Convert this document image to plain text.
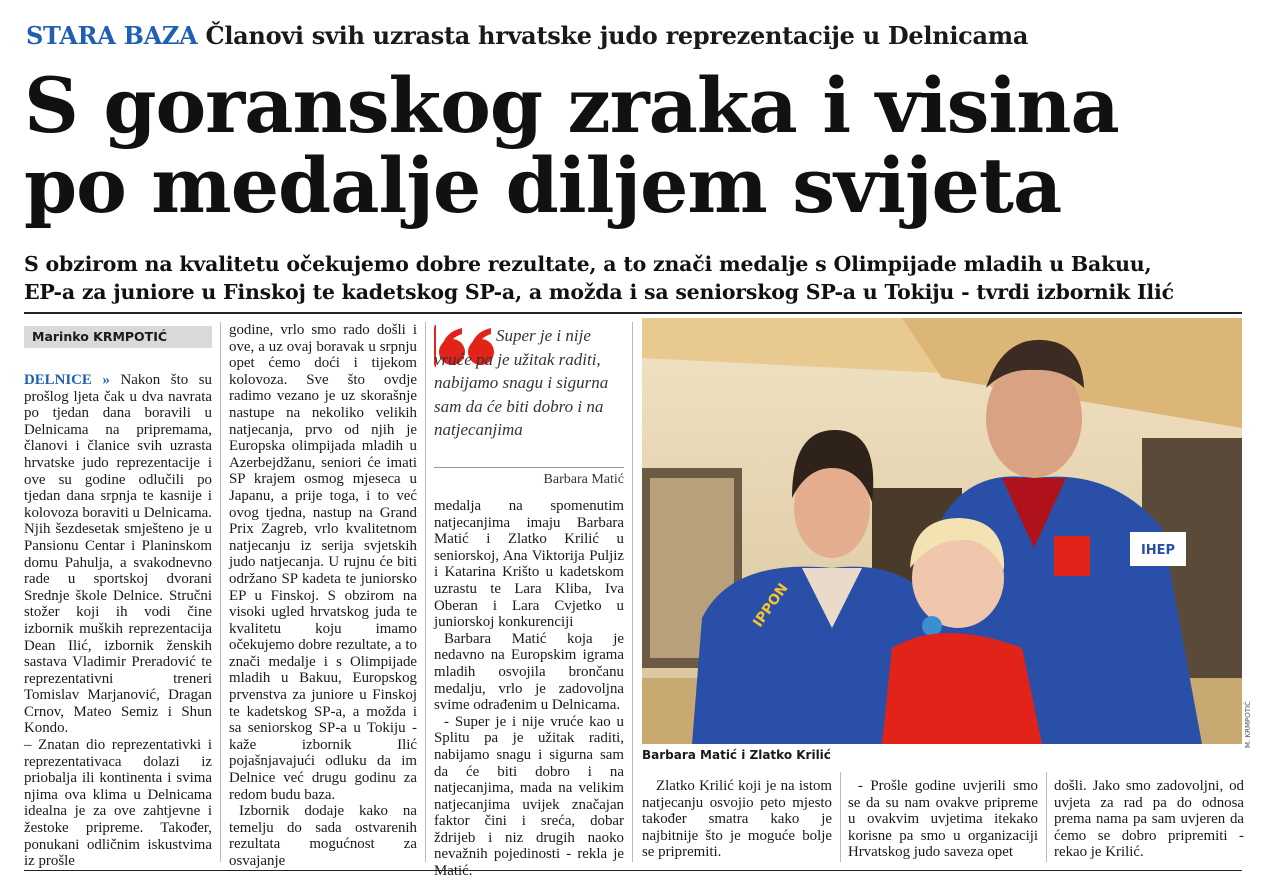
STARA BAZA Članovi svih uzrasta hrvatske judo reprezentacije u Delnicama
S goranskog zraka i visina
po medalje diljem svijeta
S obzirom na kvalitetu očekujemo dobre rezultate, a to znači medalje s Olimpijade mladih u Bakuu,
EP-a za juniore u Finskoj te kadetskog SP-a, a možda i sa seniorskog SP-a u Tokiju - tvrdi izbornik Ilić
Marinko KRMPOTIĆ

DELNICE » Nakon što su prošlog ljeta čak u dva navrata po tjedan dana boravili u Delnicama na pripremama, članovi i članice svih uzrasta hrvatske judo reprezentacije i ove su godine odlučili po tjedan dana srpnja te kasnije i kolovoza boraviti u Delnicama. Njih šezdesetak smješteno je u Pansionu Centar i Planinskom domu Pahulja, a svakodnevno rade u sportskoj dvorani Srednje škole Delnice. Stručni stožer koji ih vodi čine izbornik muških reprezentacija Dean Ilić, izbornik ženskih sastava Vladimir Preradović te reprezentativni treneri Tomislav Marjanović, Dragan Crnov, Mateo Semiz i Shun Kondo.

– Znatan dio reprezentativki i reprezentativaca dolazi iz priobalja ili kontinenta i svima njima ova klima u Delnicama idealna je za ove zahtjevne i žestoke pripreme. Također, ponukani odličnim iskustvima iz prošle

godine, vrlo smo rado došli i ove, a uz ovaj boravak u srpnju opet ćemo doći i tijekom kolovoza. Sve što ovdje radimo vezano je uz skorašnje nastupe na nekoliko velikih natjecanja, prvo od njih je Europska olimpijada mladih u Azerbejdžanu, seniori će imati SP krajem osmog mjeseca u Japanu, a prije toga, i to već ovog tjedna, nastup na Grand Prix Zagreb, vrlo kvalitetnom natjecanju iz serija svjetskih judo natjecanja. U rujnu će biti održano SP kadeta te juniorsko EP u Finskoj. S obzirom na visoki ugled hrvatskog juda te kvalitetu koju imamo očekujemo dobre rezultate, a to znači medalje i s Olimpijade mladih u Bakuu, Europskog prvenstva za juniore u Finskoj te kadetskog SP-a, a možda i sa seniorskog SP-a u Tokiju - kaže izbornik Ilić pojašnjavajući odluku da im Delnice već drugu godinu za redom budu baza.

Izbornik dodaje kako na temelju do sada ostvarenih rezultata mogućnost za osvajanje

Super je i nije vruće pa je užitak raditi, nabijamo snagu i sigurna sam da će biti dobro i na natjecanjima
Barbara Matić

medalja na spomenutim natjecanjima imaju Barbara Matić i Zlatko Krilić u seniorskoj, Ana Viktorija Puljiz i Katarina Krišto u kadetskom uzrastu te Lara Kliba, Iva Oberan i Lara Cvjetko u juniorskoj konkurenciji

Barbara Matić koja je nedavno na Europskim igrama mladih osvojila brončanu medalju, vrlo je zadovoljna svime odrađenim u Delnicama.

- Super je i nije vruće kao u Splitu pa je užitak raditi, nabijamo snagu i sigurna sam da će biti dobro i na natjecanjima, mada na velikim natjecanjima uvijek značajan faktor čini i sreća, dobar ždrijeb i niz drugih naoko nevažnih pojedinosti - rekla je Matić.

IHEP
IPPON
M. KRMPOTIĆ
Barbara Matić i Zlatko Krilić

Zlatko Krilić koji je na istom natjecanju osvojio peto mjesto također smatra kako je najbitnije što je moguće bolje se pripremiti.

- Prošle godine uvjerili smo se da su nam ovakve pripreme u ovakvim uvjetima itekako korisne pa smo u organizaciji Hrvatskog judo saveza opet

došli. Jako smo zadovoljni, od uvjeta za rad pa do odnosa prema nama pa sam uvjeren da ćemo se dobro pripremiti - rekao je Krilić.
